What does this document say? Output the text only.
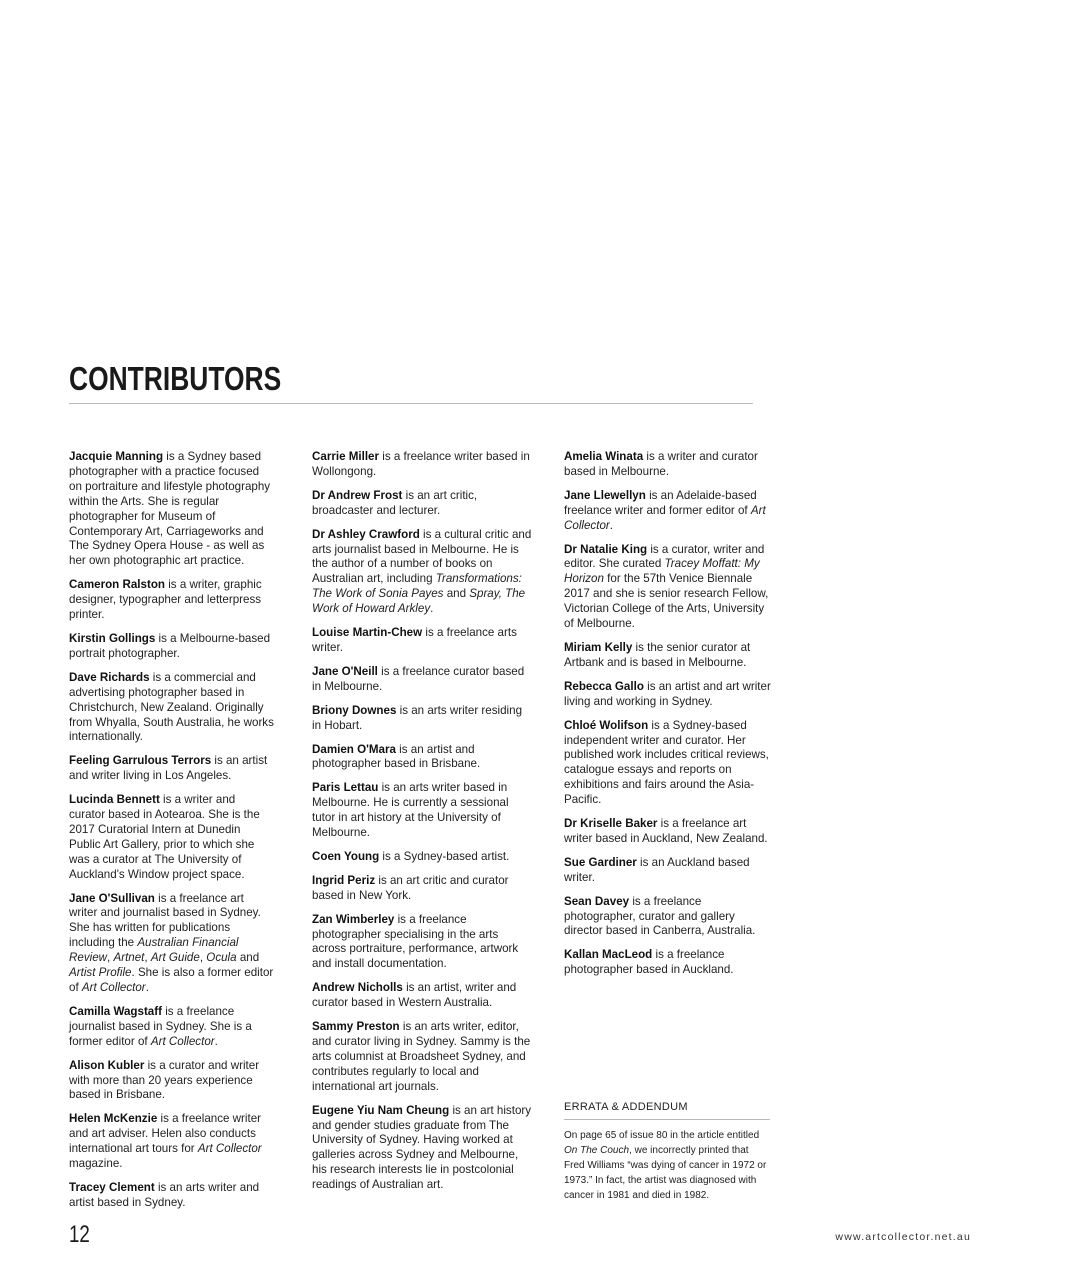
CONTRIBUTORS

Jacquie Manning is a Sydney based photographer with a practice focused on portraiture and lifestyle photography within the Arts. She is regular photographer for Museum of Contemporary Art, Carriageworks and The Sydney Opera House - as well as her own photographic art practice.

Cameron Ralston is a writer, graphic designer, typographer and letterpress printer.

Kirstin Gollings is a Melbourne-based portrait photographer.

Dave Richards is a commercial and advertising photographer based in Christchurch, New Zealand. Originally from Whyalla, South Australia, he works internationally.

Feeling Garrulous Terrors is an artist and writer living in Los Angeles.

Lucinda Bennett is a writer and curator based in Aotearoa. She is the 2017 Curatorial Intern at Dunedin Public Art Gallery, prior to which she was a curator at The University of Auckland's Window project space.

Jane O'Sullivan is a freelance art writer and journalist based in Sydney. She has written for publications including the Australian Financial Review, Artnet, Art Guide, Ocula and Artist Profile. She is also a former editor of Art Collector.

Camilla Wagstaff is a freelance journalist based in Sydney. She is a former editor of Art Collector.

Alison Kubler is a curator and writer with more than 20 years experience based in Brisbane.

Helen McKenzie is a freelance writer and art adviser. Helen also conducts international art tours for Art Collector magazine.

Tracey Clement is an arts writer and artist based in Sydney.

Carrie Miller is a freelance writer based in Wollongong.

Dr Andrew Frost is an art critic, broadcaster and lecturer.

Dr Ashley Crawford is a cultural critic and arts journalist based in Melbourne. He is the author of a number of books on Australian art, including Transformations: The Work of Sonia Payes and Spray, The Work of Howard Arkley.

Louise Martin-Chew is a freelance arts writer.

Jane O'Neill is a freelance curator based in Melbourne.

Briony Downes is an arts writer residing in Hobart.

Damien O'Mara is an artist and photographer based in Brisbane.

Paris Lettau is an arts writer based in Melbourne. He is currently a sessional tutor in art history at the University of Melbourne.

Coen Young is a Sydney-based artist.

Ingrid Periz is an art critic and curator based in New York.

Zan Wimberley is a freelance photographer specialising in the arts across portraiture, performance, artwork and install documentation.

Andrew Nicholls is an artist, writer and curator based in Western Australia.

Sammy Preston is an arts writer, editor, and curator living in Sydney. Sammy is the arts columnist at Broadsheet Sydney, and contributes regularly to local and international art journals.

Eugene Yiu Nam Cheung is an art history and gender studies graduate from The University of Sydney. Having worked at galleries across Sydney and Melbourne, his research interests lie in postcolonial readings of Australian art.

Amelia Winata is a writer and curator based in Melbourne.

Jane Llewellyn is an Adelaide-based freelance writer and former editor of Art Collector.

Dr Natalie King is a curator, writer and editor. She curated Tracey Moffatt: My Horizon for the 57th Venice Biennale 2017 and she is senior research Fellow, Victorian College of the Arts, University of Melbourne.

Miriam Kelly is the senior curator at Artbank and is based in Melbourne.

Rebecca Gallo is an artist and art writer living and working in Sydney.

Chloé Wolifson is a Sydney-based independent writer and curator. Her published work includes critical reviews, catalogue essays and reports on exhibitions and fairs around the Asia-Pacific.

Dr Kriselle Baker is a freelance art writer based in Auckland, New Zealand.

Sue Gardiner is an Auckland based writer.

Sean Davey is a freelance photographer, curator and gallery director based in Canberra, Australia.

Kallan MacLeod is a freelance photographer based in Auckland.

ERRATA & ADDENDUM

On page 65 of issue 80 in the article entitled On The Couch, we incorrectly printed that Fred Williams “was dying of cancer in 1972 or 1973.” In fact, the artist was diagnosed with cancer in 1981 and died in 1982.

12	www.artcollector.net.au
